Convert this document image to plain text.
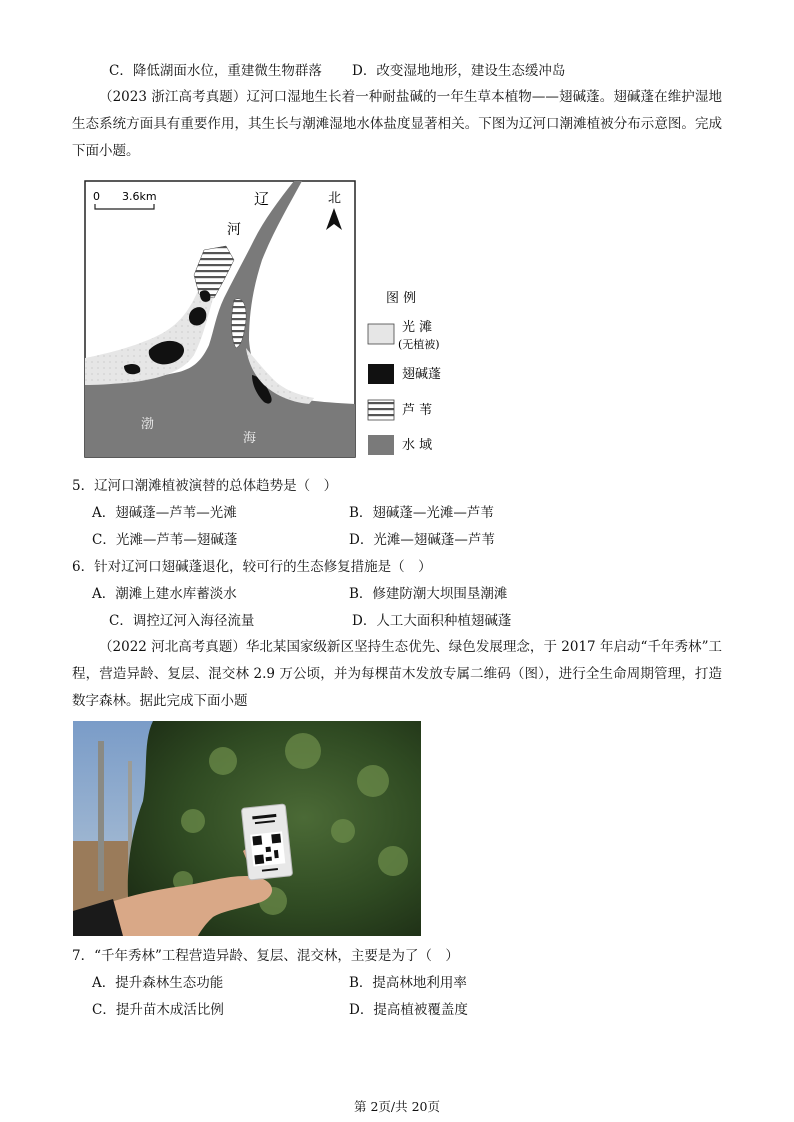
C．降低湖面水位，重建微生物群落 D．改变湿地地形，建设生态缓冲岛
（2023 浙江高考真题）辽河口湿地生长着一种耐盐碱的一年生草本植物——翅碱蓬。翅碱蓬在维护湿地生态系统方面具有重要作用，其生长与潮滩湿地水体盐度显著相关。下图为辽河口潮滩植被分布示意图。完成下面小题。
0 3.6km	北
辽
河
渤
海
图 例
光 滩
(无植被)
翅碱蓬
芦 苇
水 域
5．辽河口潮滩植被演替的总体趋势是（　）
A．翅碱蓬—芦苇—光滩	B．翅碱蓬—光滩—芦苇
C．光滩—芦苇—翅碱蓬	D．光滩—翅碱蓬—芦苇
6．针对辽河口翅碱蓬退化，较可行的生态修复措施是（　）
A．潮滩上建水库蓄淡水	B．修建防潮大坝围垦潮滩
C．调控辽河入海径流量	D．人工大面积种植翅碱蓬
（2022 河北高考真题）华北某国家级新区坚持生态优先、绿色发展理念，于 2017 年启动“千年秀林”工程，营造异龄、复层、混交林 2.9 万公顷，并为每棵苗木发放专属二维码（图），进行全生命周期管理，打造数字森林。据此完成下面小题
7．“千年秀林”工程营造异龄、复层、混交林，主要是为了（　）
A．提升森林生态功能	B．提高林地利用率
C．提升苗木成活比例	D．提高植被覆盖度
第 2页/共 20页
